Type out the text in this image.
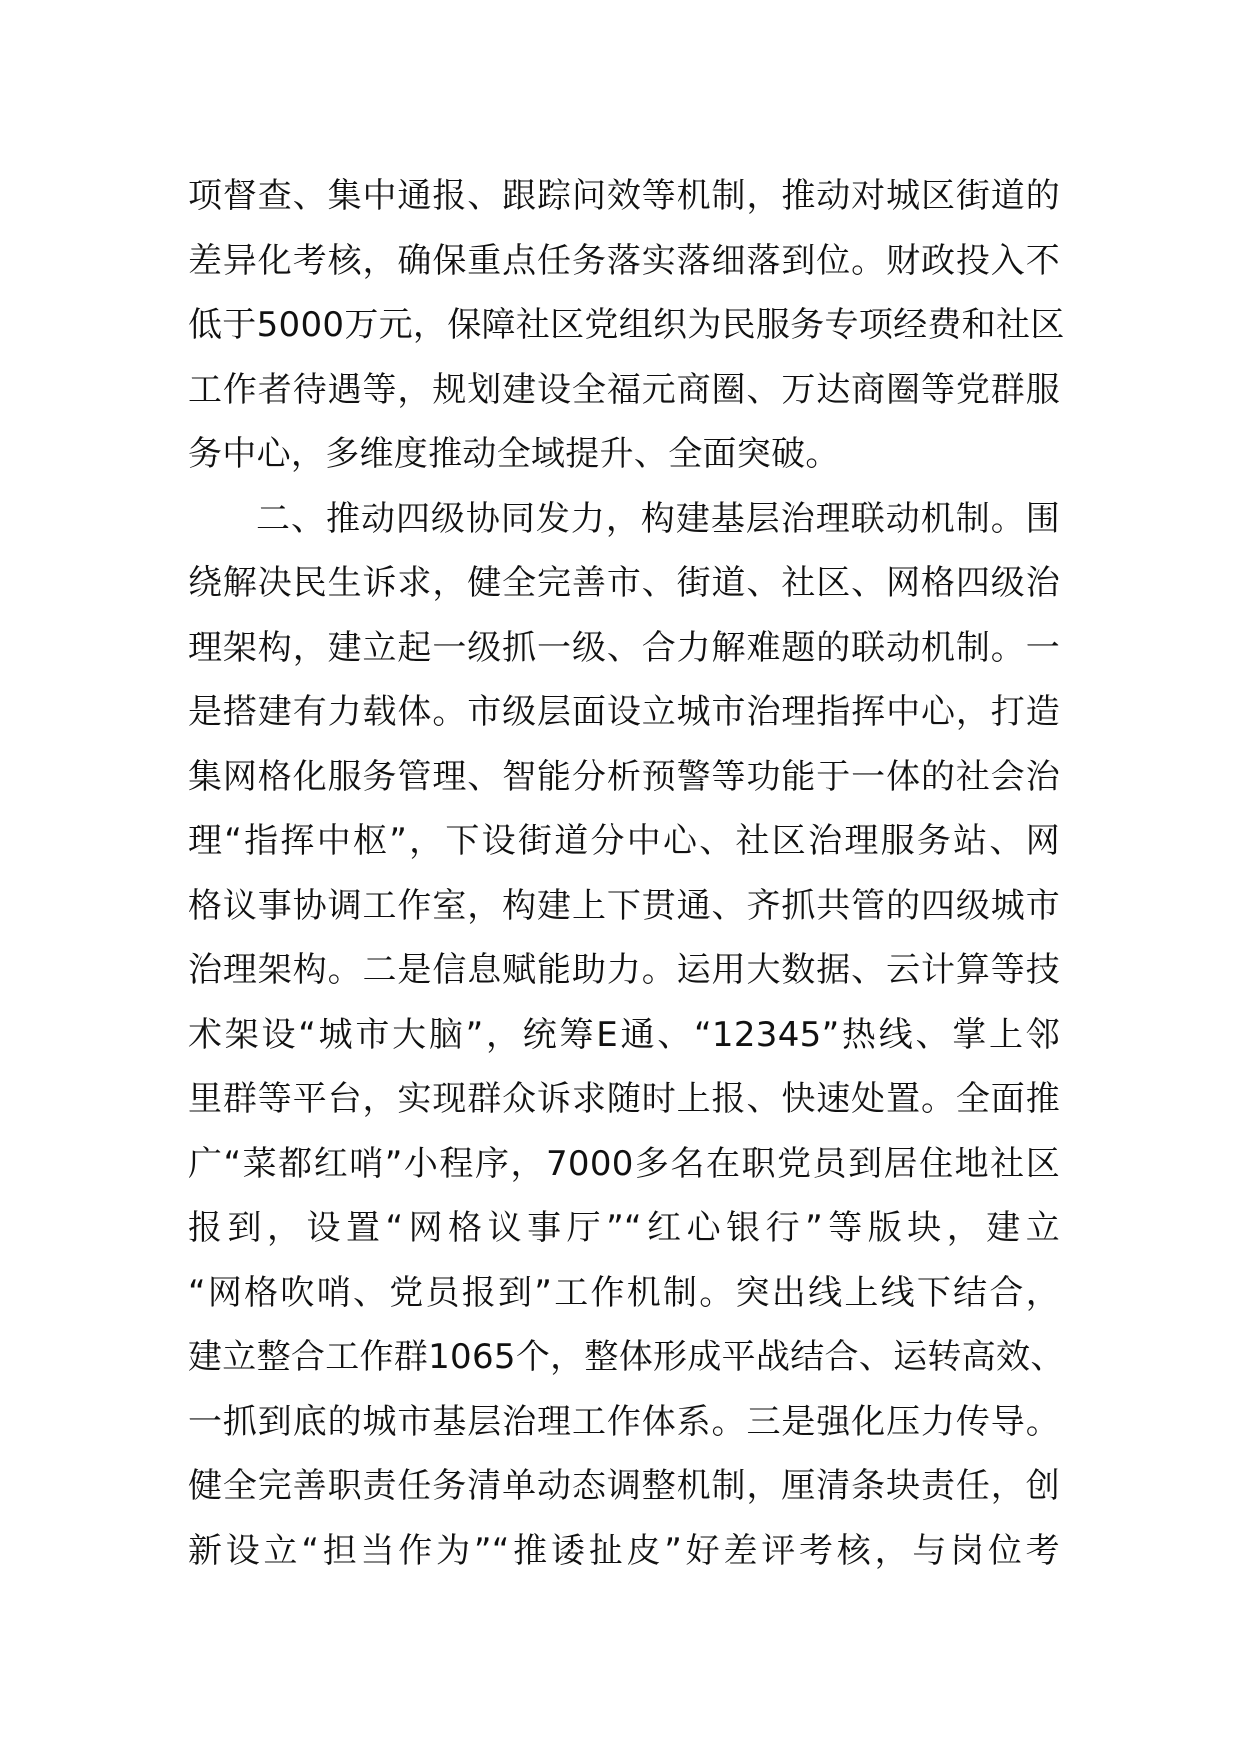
项督查、集中通报、跟踪问效等机制，推动对城区街道的
差异化考核，确保重点任务落实落细落到位。财政投入不
低于5000万元，保障社区党组织为民服务专项经费和社区
工作者待遇等，规划建设全福元商圈、万达商圈等党群服
务中心，多维度推动全域提升、全面突破。
二、推动四级协同发力，构建基层治理联动机制。围
绕解决民生诉求，健全完善市、街道、社区、网格四级治
理架构，建立起一级抓一级、合力解难题的联动机制。一
是搭建有力载体。市级层面设立城市治理指挥中心，打造
集网格化服务管理、智能分析预警等功能于一体的社会治
理“指挥中枢”，下设街道分中心、社区治理服务站、网
格议事协调工作室，构建上下贯通、齐抓共管的四级城市
治理架构。二是信息赋能助力。运用大数据、云计算等技
术架设“城市大脑”，统筹E通、“12345”热线、掌上邻
里群等平台，实现群众诉求随时上报、快速处置。全面推
广“菜都红哨”小程序，7000多名在职党员到居住地社区
报到，设置“网格议事厅”“红心银行”等版块，建立
“网格吹哨、党员报到”工作机制。突出线上线下结合，
建立整合工作群1065个，整体形成平战结合、运转高效、
一抓到底的城市基层治理工作体系。三是强化压力传导。
健全完善职责任务清单动态调整机制，厘清条块责任，创
新设立“担当作为”“推诿扯皮”好差评考核，与岗位考
